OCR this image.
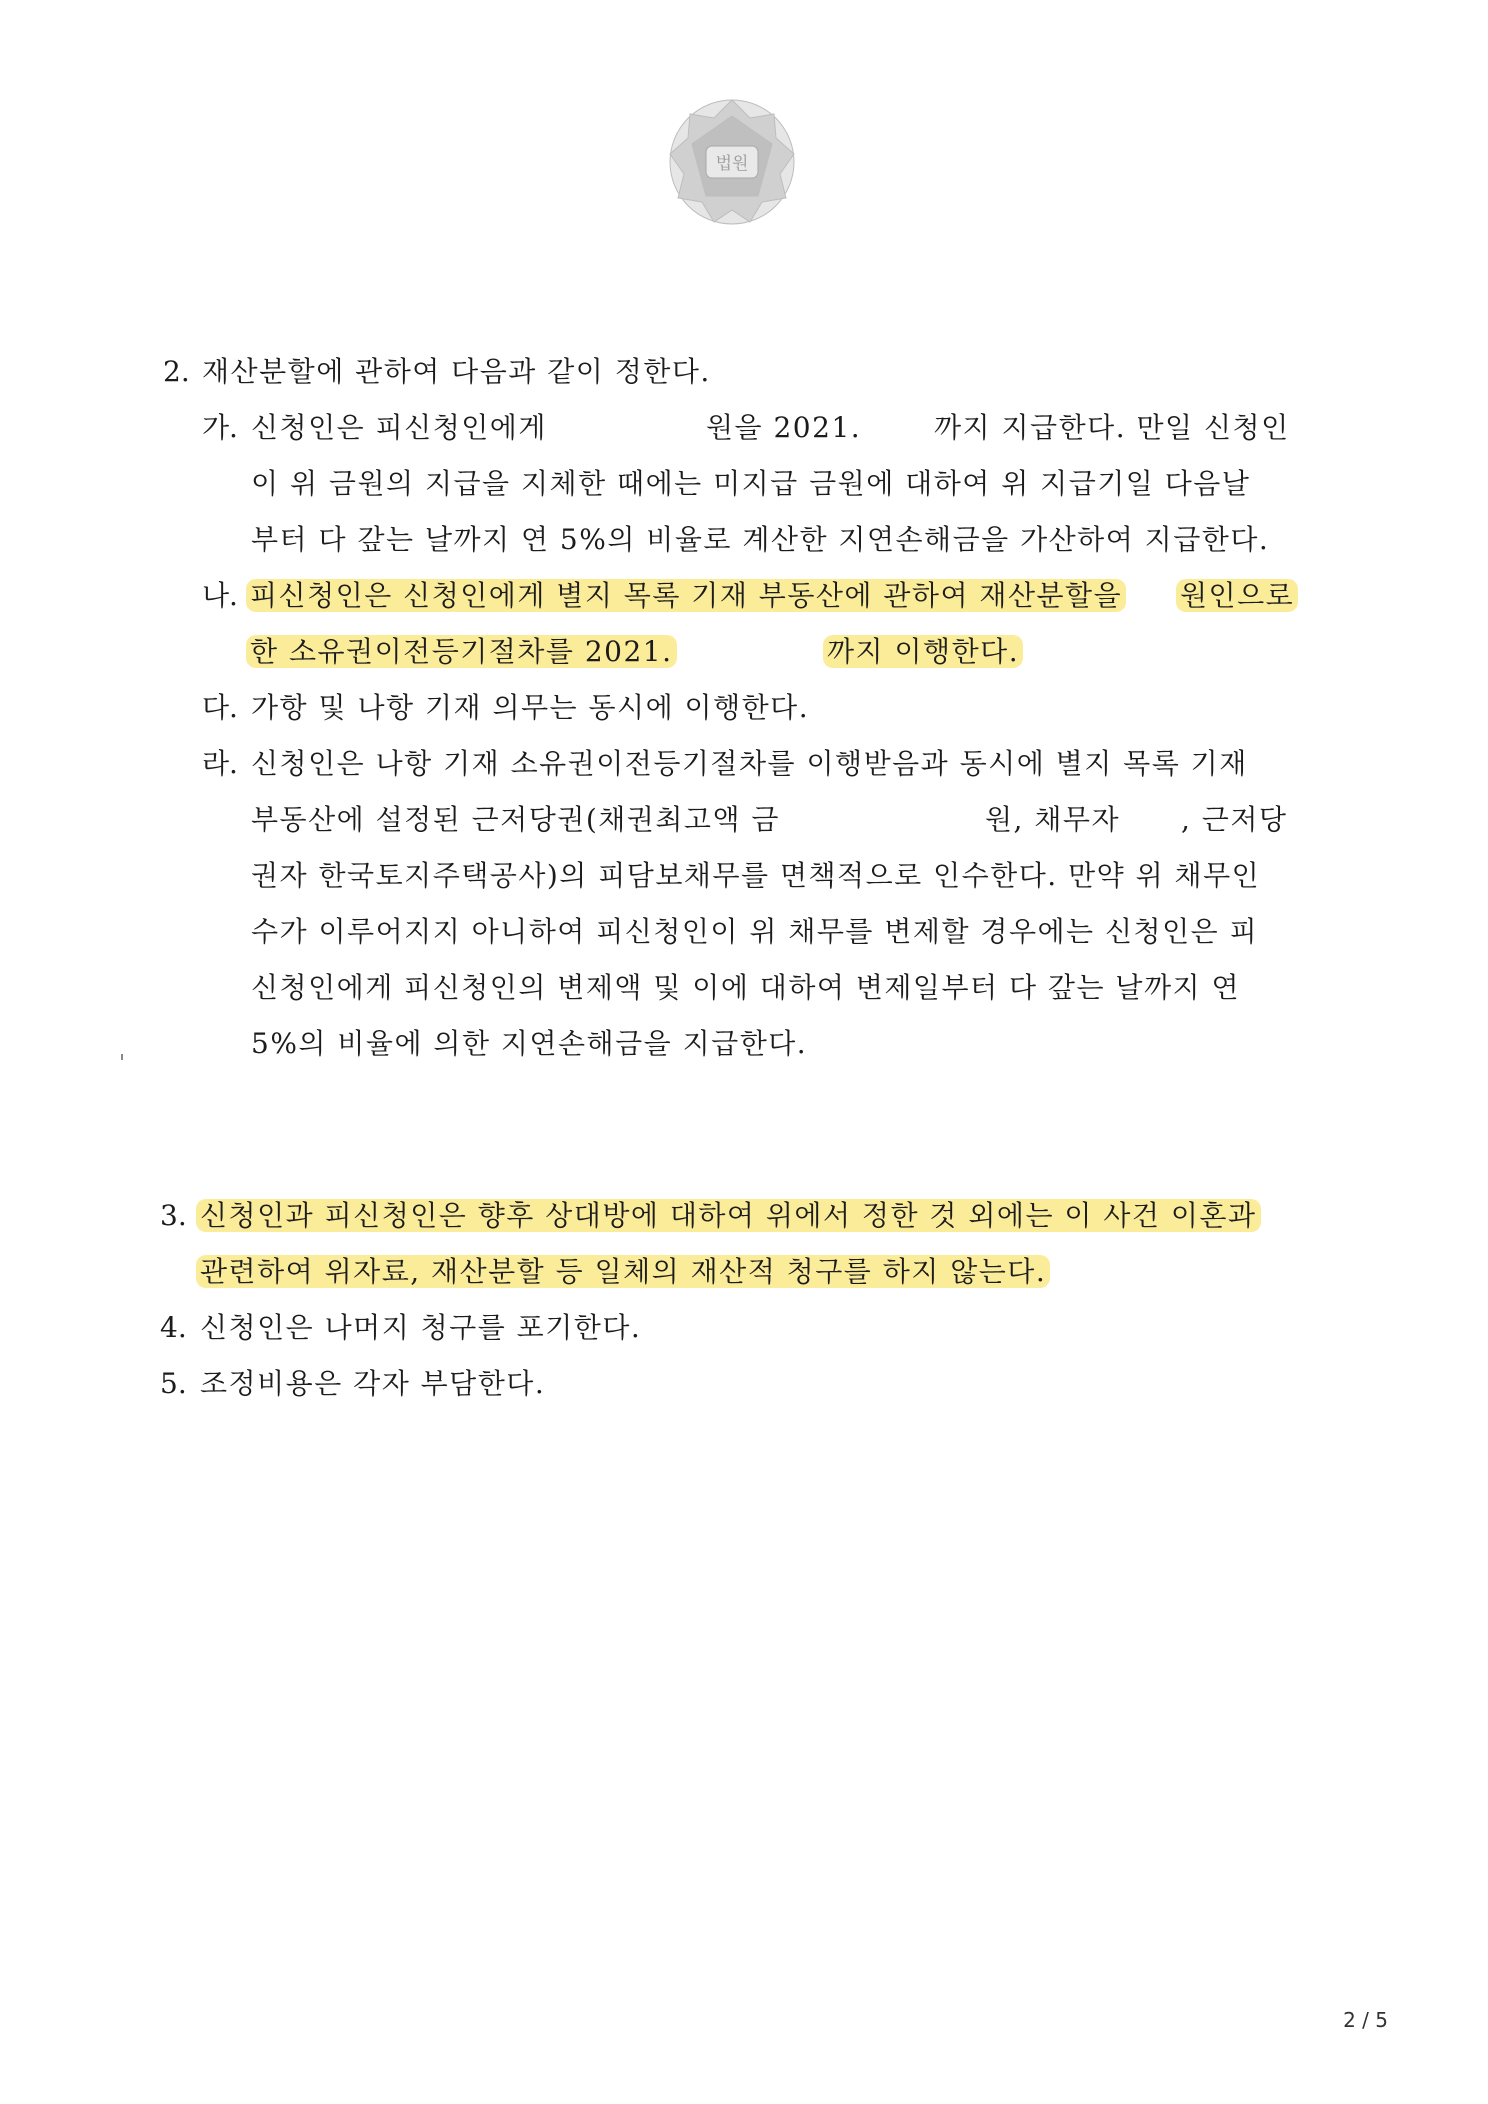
법원
2. 재산분할에 관하여 다음과 같이 정한다.
가. 신청인은 피신청인에게	원을 2021.	까지 지급한다. 만일 신청인
이 위 금원의 지급을 지체한 때에는 미지급 금원에 대하여 위 지급기일 다음날
부터 다 갚는 날까지 연 5%의 비율로 계산한 지연손해금을 가산하여 지급한다.
나. 피신청인은 신청인에게 별지 목록 기재 부동산에 관하여 재산분할을 원인으로
한 소유권이전등기절차를 2021.	까지 이행한다.
다. 가항 및 나항 기재 의무는 동시에 이행한다.
라. 신청인은 나항 기재 소유권이전등기절차를 이행받음과 동시에 별지 목록 기재
부동산에 설정된 근저당권(채권최고액 금	원, 채무자 , 근저당
권자 한국토지주택공사)의 피담보채무를 면책적으로 인수한다. 만약 위 채무인
수가 이루어지지 아니하여 피신청인이 위 채무를 변제할 경우에는 신청인은 피
신청인에게 피신청인의 변제액 및 이에 대하여 변제일부터 다 갚는 날까지 연
5%의 비율에 의한 지연손해금을 지급한다.
3. 신청인과 피신청인은 향후 상대방에 대하여 위에서 정한 것 외에는 이 사건 이혼과
관련하여 위자료, 재산분할 등 일체의 재산적 청구를 하지 않는다.
4. 신청인은 나머지 청구를 포기한다.
5. 조정비용은 각자 부담한다.
2 / 5
